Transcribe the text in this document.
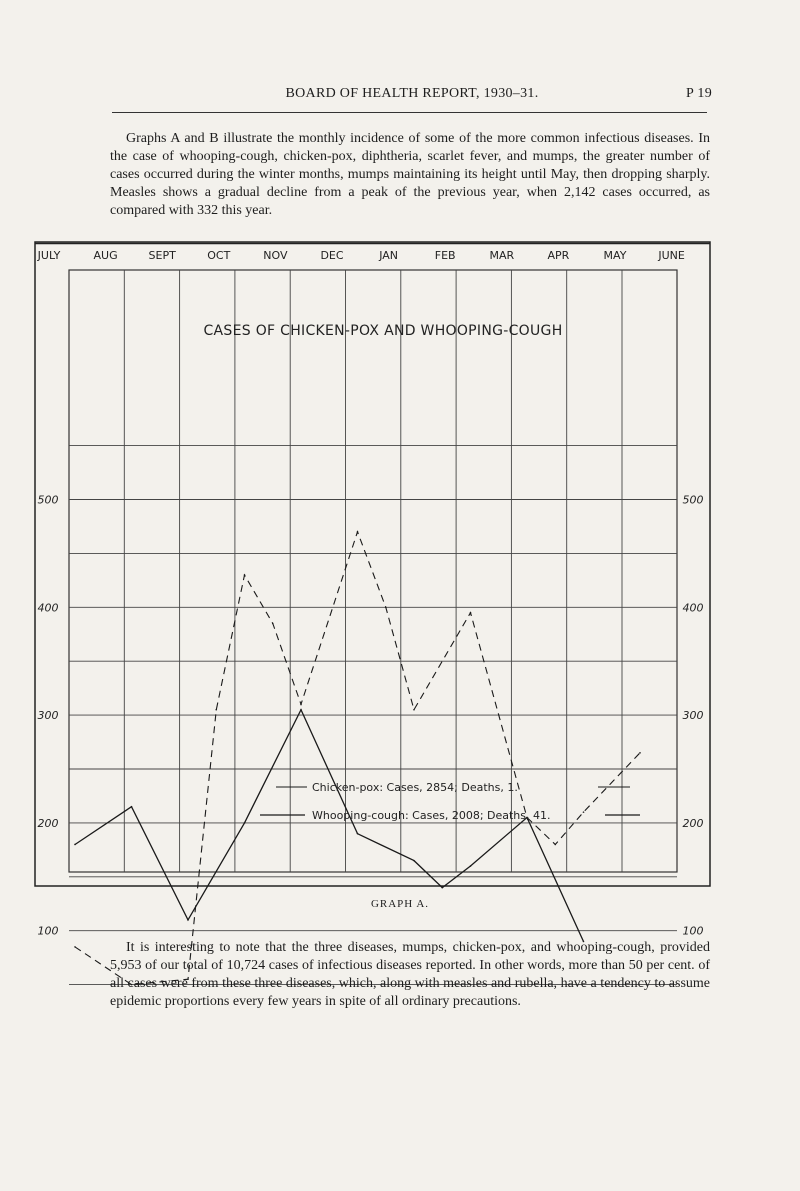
BOARD OF HEALTH REPORT, 1930–31.	P 19

Graphs A and B illustrate the monthly incidence of some of the more common infectious diseases. In the case of whooping-cough, chicken-pox, diphtheria, scarlet fever, and mumps, the greater number of cases occurred during the winter months, mumps maintaining its height until May, then dropping sharply. Measles shows a gradual decline from a peak of the previous year, when 2,142 cases occurred, as compared with 332 this year.

JULY	AUG	SEPT	OCT	NOV	DEC	JAN	FEB	MAR	APR	MAY	JUNE
100	100
200	200
300	300
400	400
500	500
CASES OF CHICKEN-POX AND WHOOPING-COUGH
Chicken-pox: Cases, 2854; Deaths, 1.
Whooping-cough: Cases, 2008; Deaths, 41.
GRAPH A.

It is interesting to note that the three diseases, mumps, chicken-pox, and whooping-cough, provided 5,953 of our total of 10,724 cases of infectious diseases reported. In other words, more than 50 per cent. of all cases were from these three diseases, which, along with measles and rubella, have a tendency to assume epidemic proportions every few years in spite of all ordinary precautions.
